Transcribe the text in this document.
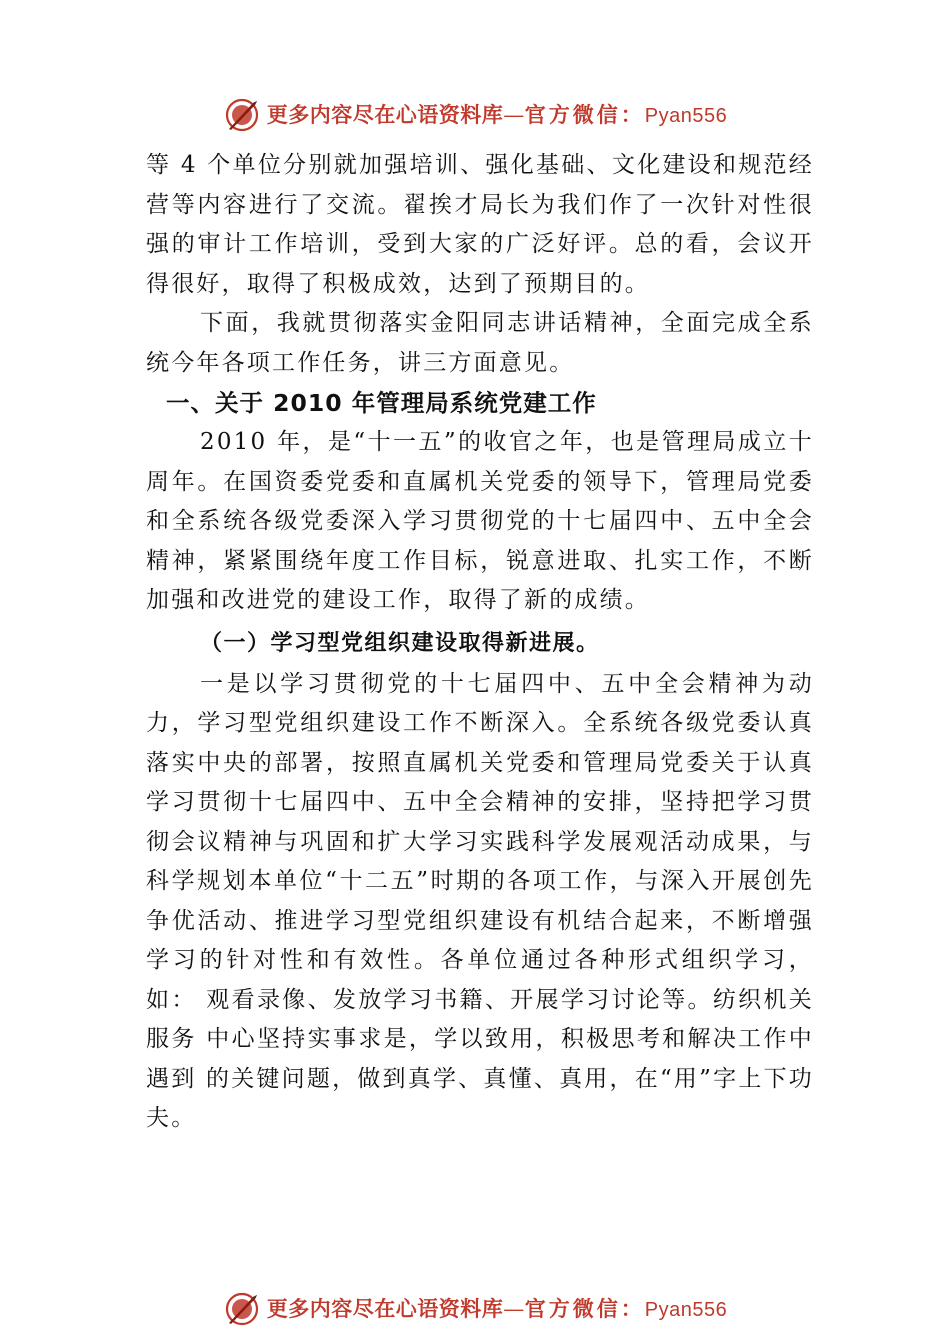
更多内容尽在心语资料库—官方微信：Pyan556

等 4 个单位分别就加强培训、强化基础、文化建设和规范经营等内容进行了交流。翟挨才局长为我们作了一次针对性很强的审计工作培训，受到大家的广泛好评。总的看，会议开得很好，取得了积极成效，达到了预期目的。

下面，我就贯彻落实金阳同志讲话精神，全面完成全系统今年各项工作任务，讲三方面意见。

一、关于 2010 年管理局系统党建工作

2010 年，是“十一五”的收官之年，也是管理局成立十周年。在国资委党委和直属机关党委的领导下，管理局党委和全系统各级党委深入学习贯彻党的十七届四中、五中全会精神，紧紧围绕年度工作目标，锐意进取、扎实工作，不断加强和改进党的建设工作，取得了新的成绩。

（一）学习型党组织建设取得新进展。

一是以学习贯彻党的十七届四中、五中全会精神为动力，学习型党组织建设工作不断深入。全系统各级党委认真落实中央的部署，按照直属机关党委和管理局党委关于认真学习贯彻十七届四中、五中全会精神的安排，坚持把学习贯彻会议精神与巩固和扩大学习实践科学发展观活动成果，与科学规划本单位“十二五”时期的各项工作，与深入开展创先争优活动、推进学习型党组织建设有机结合起来，不断增强学习的针对性和有效性。各单位通过各种形式组织学习，如： 观看录像、发放学习书籍、开展学习讨论等。纺织机关服务 中心坚持实事求是，学以致用，积极思考和解决工作中遇到 的关键问题，做到真学、真懂、真用，在“用”字上下功夫。

更多内容尽在心语资料库—官方微信：Pyan556
